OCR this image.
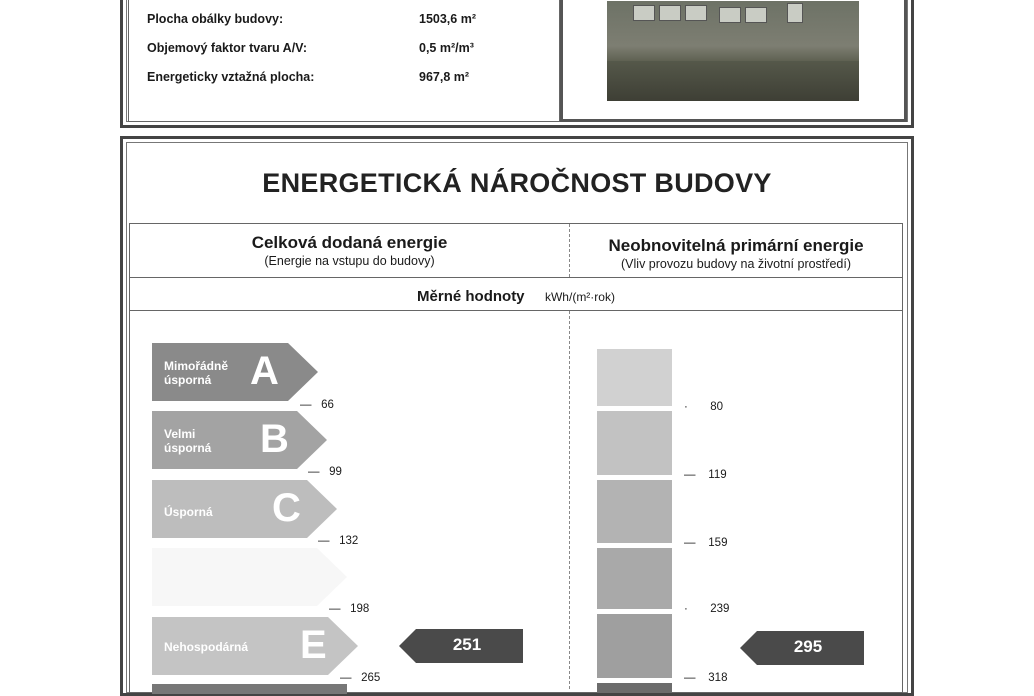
Plocha obálky budovy:	1503,6 m²
Objemový faktor tvaru A/V:	0,5 m²/m³
Energeticky vztažná plocha:	967,8 m²
ENERGETICKÁ NÁROČNOST BUDOVY
Celková dodaná energie
(Energie na vstupu do budovy)
Neobnovitelná primární energie
(Vliv provozu budovy na životní prostředí)
Měrné hodnoty kWh/(m²·rok)
Mimořádně úsporná A
Velmi úsporná	B
Úsporná C
Nehospodárná E
—   66
—   99
—   132
—   198
—   265
251
·       80
—    119
—    159
·       239
—    318
295
